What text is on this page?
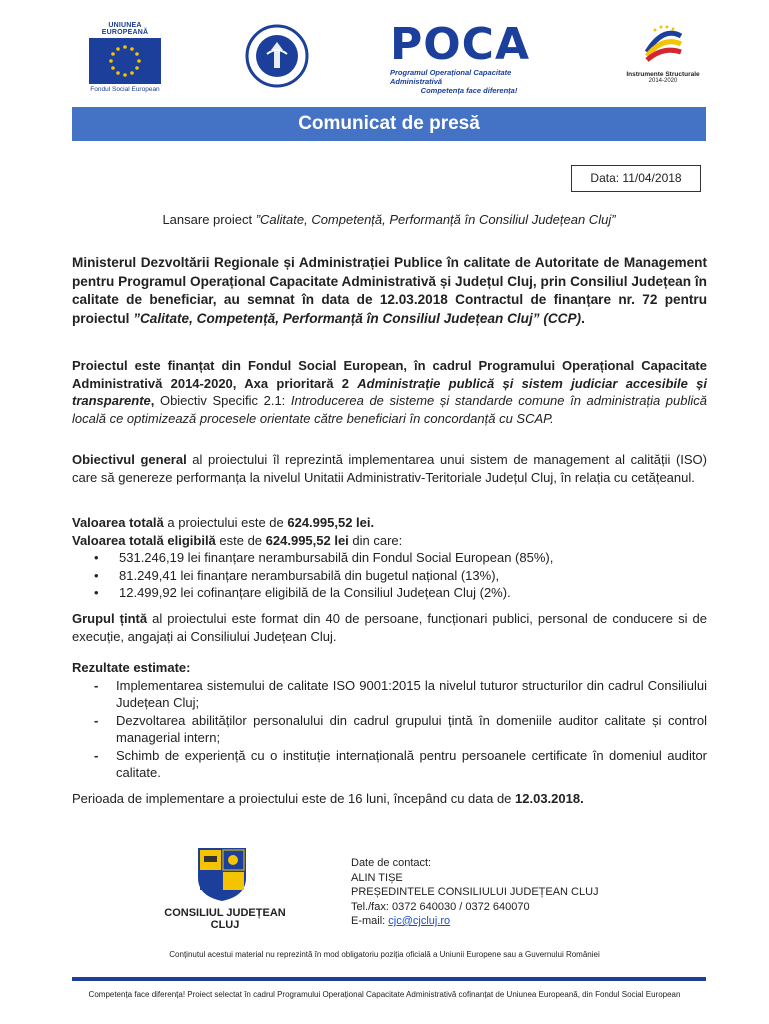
UNIUNEA EUROPEANĂ
Fondul Social European
POCA
Programul Operațional Capacitate Administrativă
Competența face diferența!
Instrumente Structurale
2014-2020
Comunicat de presă
Data: 11/04/2018
Lansare proiect ”Calitate, Competență, Performanță în Consiliul Județean Cluj”
Ministerul Dezvoltării Regionale și Administrației Publice în calitate de Autoritate de Management pentru Programul Operațional Capacitate Administrativă și Județul Cluj, prin Consiliul Județean în calitate de beneficiar, au semnat în data de 12.03.2018 Contractul de finanțare nr. 72 pentru proiectul ”Calitate, Competență, Performanță în Consiliul Județean Cluj” (CCP).
Proiectul este finanțat din Fondul Social European, în cadrul Programului Operațional Capacitate Administrativă 2014-2020, Axa prioritară 2 Administrație publică și sistem judiciar accesibile și transparente, Obiectiv Specific 2.1: Introducerea de sisteme și standarde comune în administrația publică locală ce optimizează procesele orientate către beneficiari în concordanță cu SCAP.
Obiectivul general al proiectului îl reprezintă implementarea unui sistem de management al calității (ISO) care să genereze performanța la nivelul Unitatii Administrativ-Teritoriale Județul Cluj, în relația cu cetățeanul.
Valoarea totală a proiectului este de 624.995,52 lei.
Valoarea totală eligibilă este de 624.995,52 lei din care:
• 531.246,19 lei finanțare nerambursabilă din Fondul Social European (85%),
• 81.249,41 lei finanțare nerambursabilă din bugetul național (13%),
• 12.499,92 lei cofinanțare eligibilă de la Consiliul Județean Cluj (2%).
Grupul țintă al proiectului este format din 40 de persoane, funcționari publici, personal de conducere si de execuție, angajați ai Consiliului Județean Cluj.
Rezultate estimate:
- Implementarea sistemului de calitate ISO 9001:2015 la nivelul tuturor structurilor din cadrul Consiliului Județean Cluj;
- Dezvoltarea abilităților personalului din cadrul grupului țintă în domeniile auditor calitate și control managerial intern;
- Schimb de experiență cu o instituție internațională pentru persoanele certificate în domeniul auditor calitate.
Perioada de implementare a proiectului este de 16 luni, începând cu data de 12.03.2018.
CONSILIUL JUDEȚEAN CLUJ
Date de contact:
ALIN TIȘE
PREȘEDINTELE CONSILIULUI JUDEȚEAN CLUJ
Tel./fax: 0372 640030 / 0372 640070
E-mail: cjc@cjcluj.ro
Conținutul acestui material nu reprezintă în mod obligatoriu poziția oficială a Uniunii Europene sau a Guvernului României
Competența face diferența! Proiect selectat în cadrul Programului Operațional Capacitate Administrativă cofinanțat de Uniunea Europeană, din Fondul Social European
